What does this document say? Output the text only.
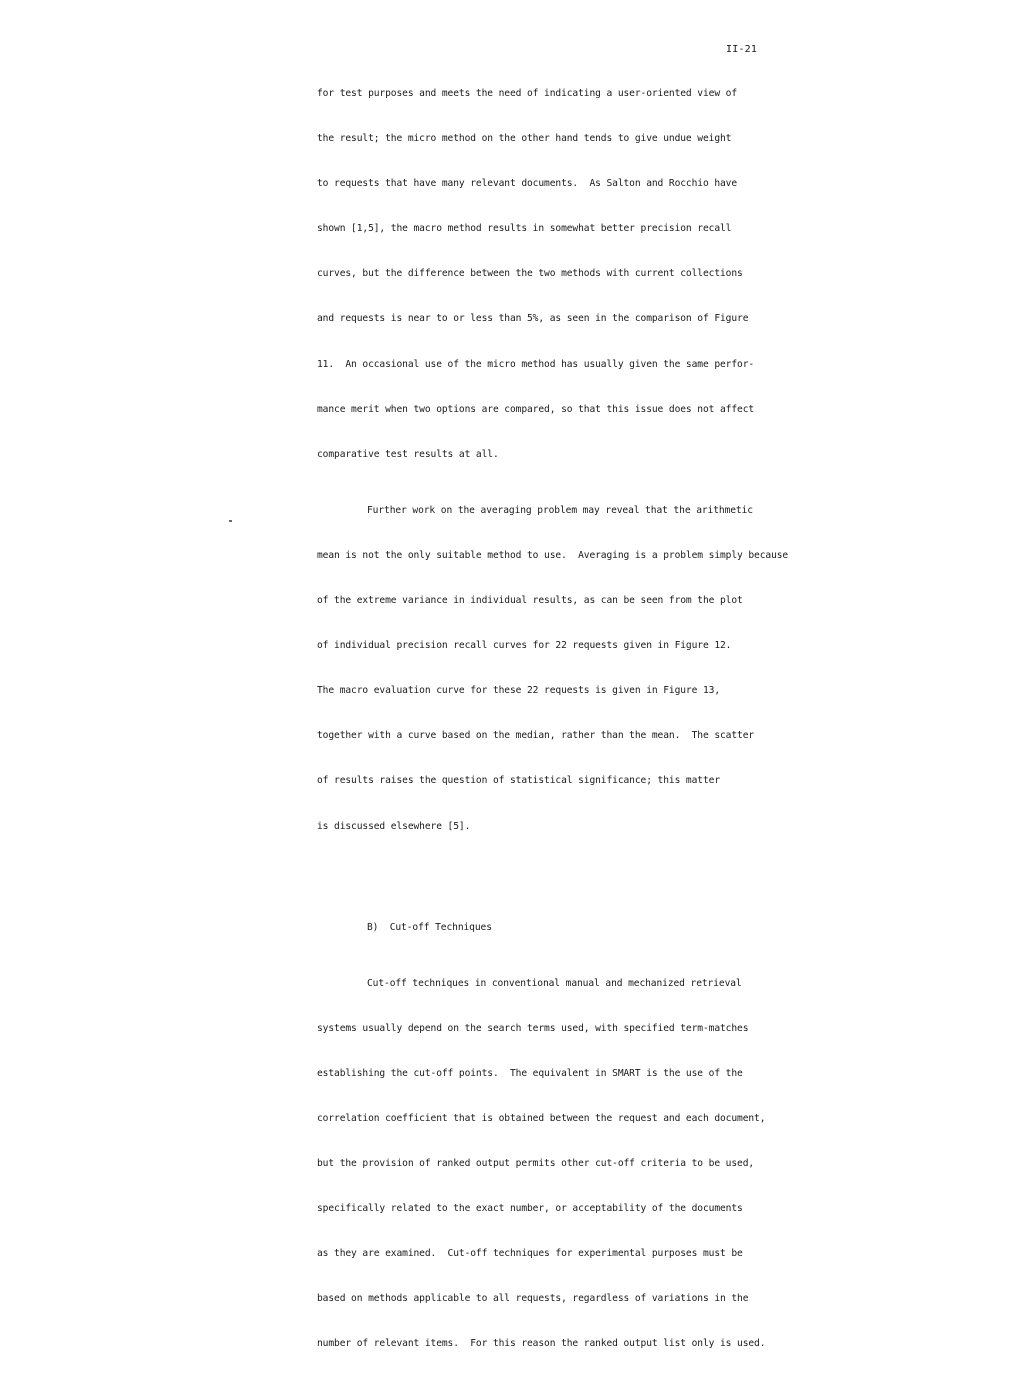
II-21

for test purposes and meets the need of indicating a user-oriented view of

the result; the micro method on the other hand tends to give undue weight

to requests that have many relevant documents.  As Salton and Rocchio have

shown [1,5], the macro method results in somewhat better precision recall

curves, but the difference between the two methods with current collections

and requests is near to or less than 5%, as seen in the comparison of Figure

11.  An occasional use of the micro method has usually given the same perfor-

mance merit when two options are compared, so that this issue does not affect

comparative test results at all.

Further work on the averaging problem may reveal that the arithmetic

mean is not the only suitable method to use.  Averaging is a problem simply because

of the extreme variance in individual results, as can be seen from the plot

of individual precision recall curves for 22 requests given in Figure 12.

The macro evaluation curve for these 22 requests is given in Figure 13,

together with a curve based on the median, rather than the mean.  The scatter

of results raises the question of statistical significance; this matter

is discussed elsewhere [5].

B)  Cut-off Techniques

Cut-off techniques in conventional manual and mechanized retrieval

systems usually depend on the search terms used, with specified term-matches

establishing the cut-off points.  The equivalent in SMART is the use of the

correlation coefficient that is obtained between the request and each document,

but the provision of ranked output permits other cut-off criteria to be used,

specifically related to the exact number, or acceptability of the documents

as they are examined.  Cut-off techniques for experimental purposes must be

based on methods applicable to all requests, regardless of variations in the

number of relevant items.  For this reason the ranked output list only is used.
